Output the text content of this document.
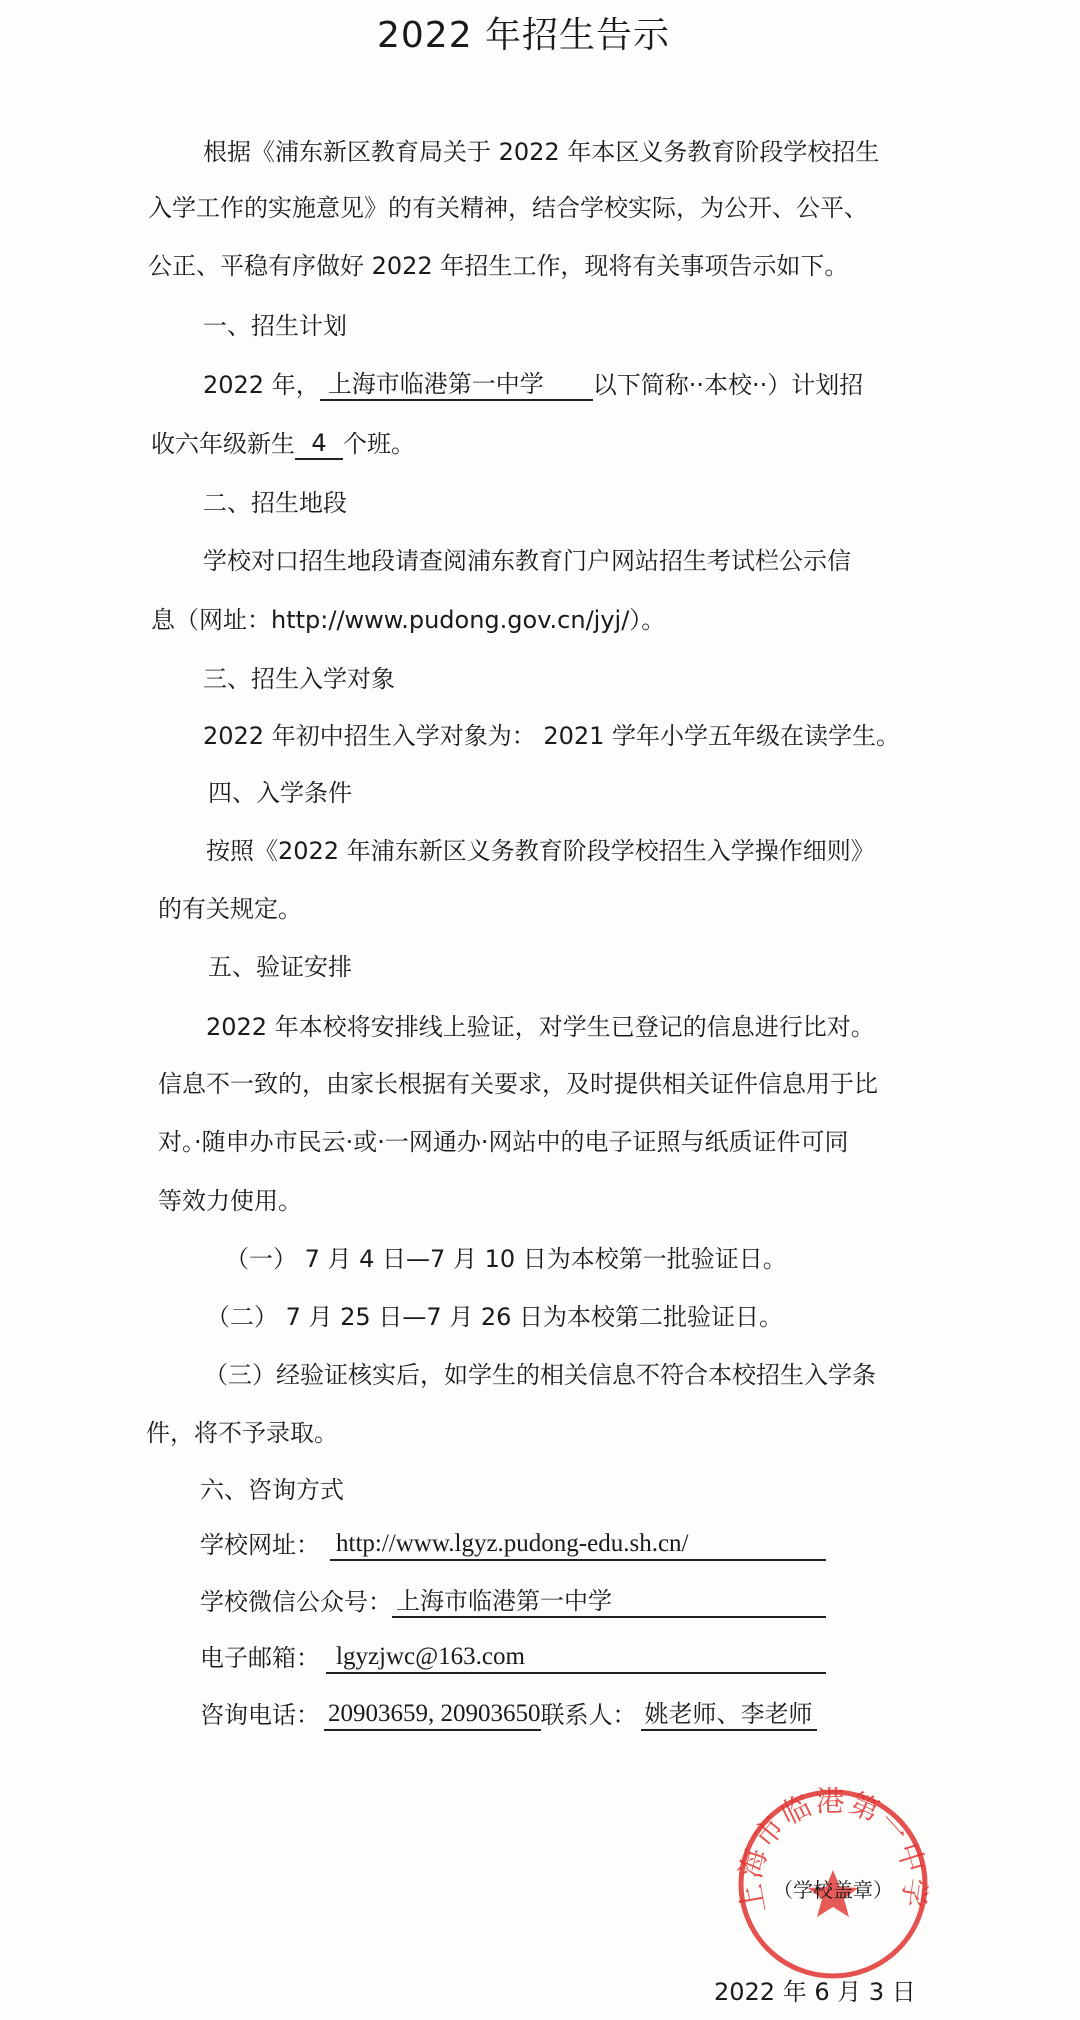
2022 年招生告示
根据《浦东新区教育局关于 2022 年本区义务教育阶段学校招生
入学工作的实施意见》的有关精神，结合学校实际，为公开、公平、
公正、平稳有序做好 2022 年招生工作，现将有关事项告示如下。
一、招生计划
2022 年， 上海市临港第一中学 以下简称··本校··）计划招
收六年级新生 4 个班。
二、招生地段
学校对口招生地段请查阅浦东教育门户网站招生考试栏公示信
息（网址：http://www.pudong.gov.cn/jyj/）。
三、招生入学对象
2022 年初中招生入学对象为： 2021 学年小学五年级在读学生。
四、入学条件
按照《2022 年浦东新区义务教育阶段学校招生入学操作细则》
的有关规定。
五、验证安排
2022 年本校将安排线上验证，对学生已登记的信息进行比对。
信息不一致的，由家长根据有关要求，及时提供相关证件信息用于比
对。·随申办市民云·或·一网通办·网站中的电子证照与纸质证件可同
等效力使用。
（一） 7 月 4 日—7 月 10 日为本校第一批验证日。
（二） 7 月 25 日—7 月 26 日为本校第二批验证日。
（三）经验证核实后，如学生的相关信息不符合本校招生入学条
件，将不予录取。
六、咨询方式
学校网址： http://www.lgyz.pudong-edu.sh.cn/
学校微信公众号： 上海市临港第一中学
电子邮箱： lgyzjwc@163.com
咨询电话： 20903659, 20903650联系人： 姚老师、李老师
上海市临港第一中学
（学校盖章）
2022 年 6 月 3 日
